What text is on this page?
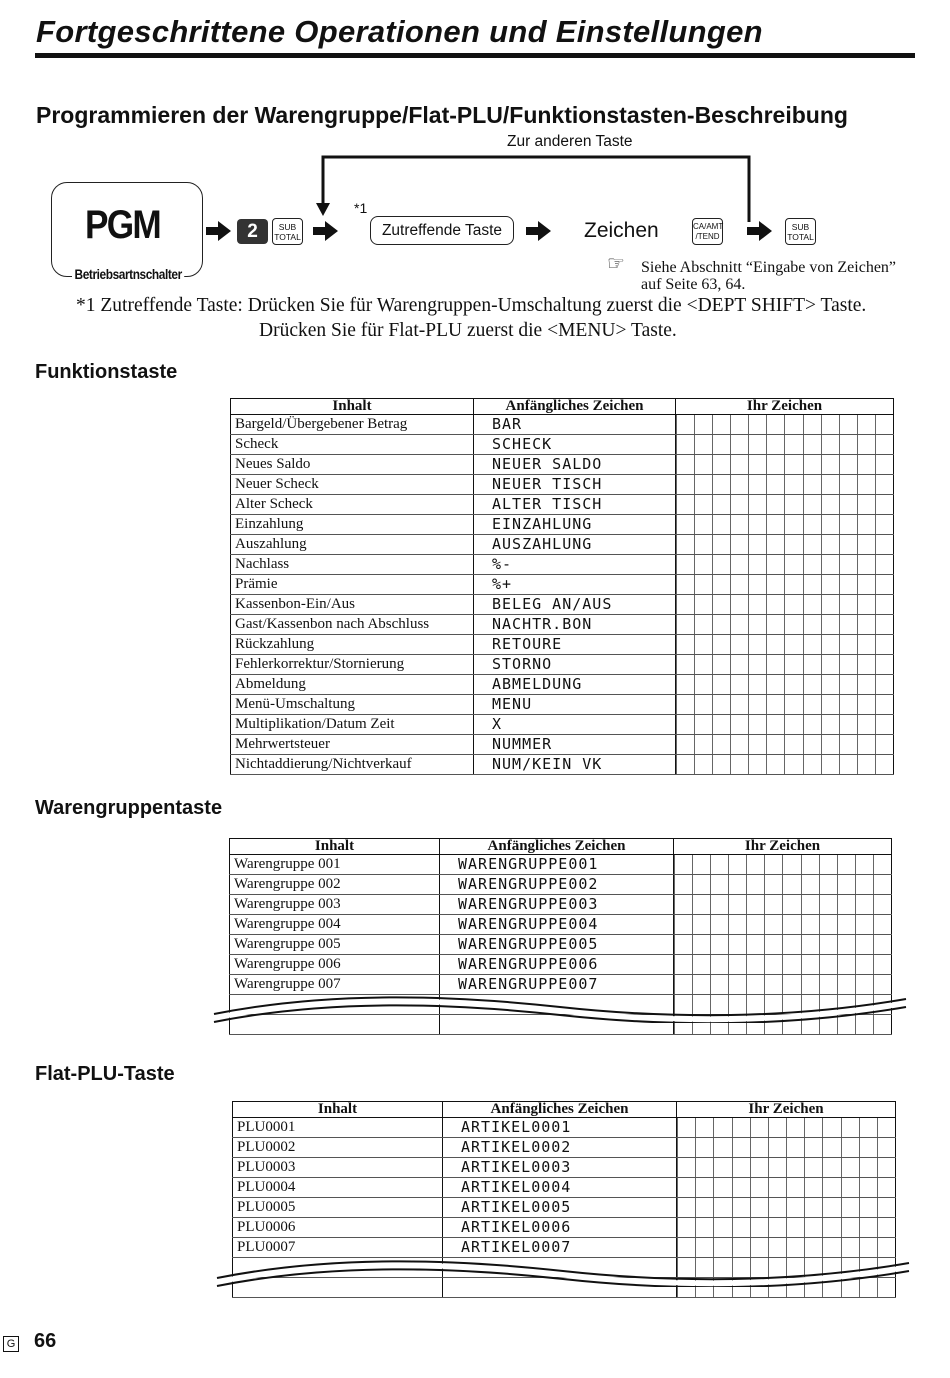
Fortgeschrittene Operationen und Einstellungen
Programmieren der Warengruppe/Flat-PLU/Funktionstasten-Beschreibung
Zur anderen Taste
PGM
Betriebsartnschalter
2	SUB
TOTAL
*1
Zutreffende Taste	Zeichen	CA/AMT
/TEND
SUB
TOTAL
☞ Siehe Abschnitt “Eingabe von Zeichen”
auf Seite 63, 64.
*1 Zutreffende Taste: Drücken Sie für Warengruppen-Umschaltung zuerst die <DEPT SHIFT> Taste.
Drücken Sie für Flat-PLU zuerst die <MENU> Taste.
Funktionstaste
Inhalt	Anfängliches Zeichen	Ihr Zeichen
Bargeld/Übergebener Betrag	BAR	

Scheck	SCHECK	

Neues Saldo	NEUER SALDO	

Neuer Scheck	NEUER TISCH	

Alter Scheck	ALTER TISCH	

Einzahlung	EINZAHLUNG	

Auszahlung	AUSZAHLUNG	

Nachlass	%-	

Prämie	%+	

Kassenbon-Ein/Aus	BELEG AN/AUS	

Gast/Kassenbon nach Abschluss	NACHTR.BON	

Rückzahlung	RETOURE	

Fehlerkorrektur/Stornierung	STORNO	

Abmeldung	ABMELDUNG	

Menü-Umschaltung	MENU	

Multiplikation/Datum Zeit	X	

Mehrwertsteuer	NUMMER	

Nichtaddierung/Nichtverkauf	NUM/KEIN VK	
Warengruppentaste
Inhalt	Anfängliches Zeichen	Ihr Zeichen
Warengruppe 001	WARENGRUPPE001	

Warengruppe 002	WARENGRUPPE002	

Warengruppe 003	WARENGRUPPE003	

Warengruppe 004	WARENGRUPPE004	

Warengruppe 005	WARENGRUPPE005	

Warengruppe 006	WARENGRUPPE006	

Warengruppe 007	WARENGRUPPE007	

Flat-PLU-Taste
Inhalt	Anfängliches Zeichen	Ihr Zeichen
PLU0001	ARTIKEL0001	

PLU0002	ARTIKEL0002	

PLU0003	ARTIKEL0003	

PLU0004	ARTIKEL0004	

PLU0005	ARTIKEL0005	

PLU0006	ARTIKEL0006	

PLU0007	ARTIKEL0007	

G 66
